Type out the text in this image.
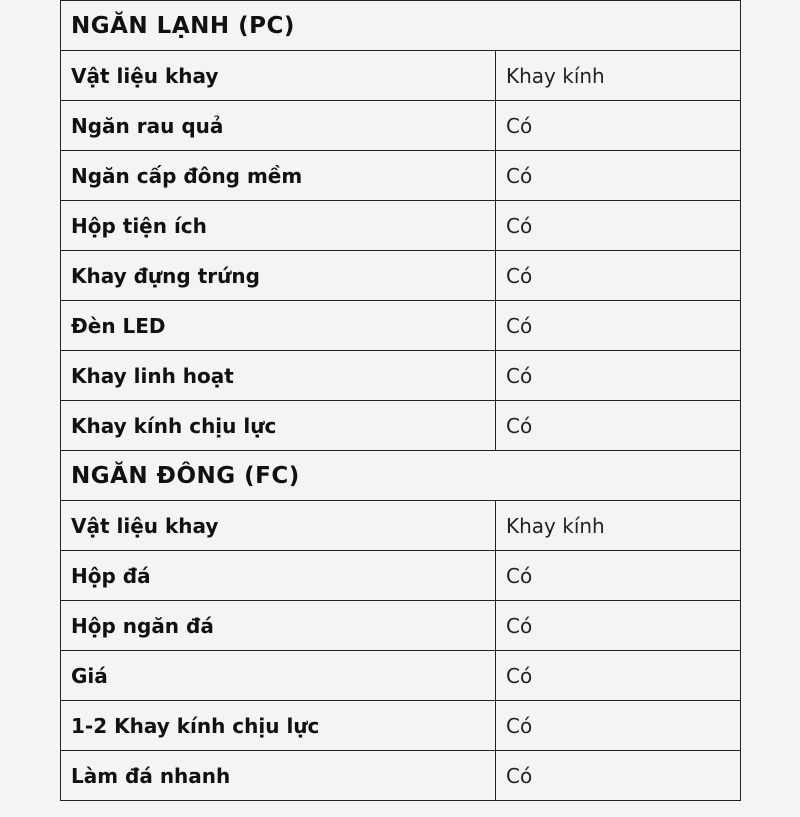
NGĂN LẠNH (PC)	
Vật liệu khay	Khay kính
Ngăn rau quả	Có
Ngăn cấp đông mềm	Có
Hộp tiện ích	Có
Khay đựng trứng	Có
Đèn LED	Có
Khay linh hoạt	Có
Khay kính chịu lực	Có
NGĂN ĐÔNG (FC)	
Vật liệu khay	Khay kính
Hộp đá	Có
Hộp ngăn đá	Có
Giá	Có
1-2 Khay kính chịu lực	Có
Làm đá nhanh	Có
